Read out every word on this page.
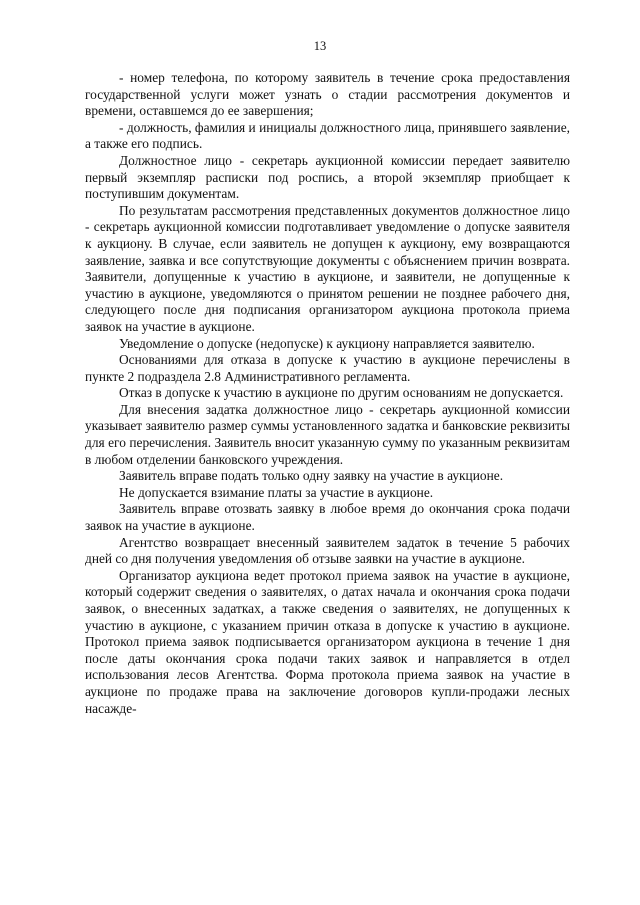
13

- номер телефона, по которому заявитель в течение срока предоставления государственной услуги может узнать о стадии рассмотрения документов и времени, оставшемся до ее завершения;

- должность, фамилия и инициалы должностного лица, принявшего заявление, а также его подпись.

Должностное лицо - секретарь аукционной комиссии передает заявителю первый экземпляр расписки под роспись, а второй экземпляр приобщает к поступившим документам.

По результатам рассмотрения представленных документов должностное лицо - секретарь аукционной комиссии подготавливает уведомление о допуске заявителя к аукциону. В случае, если заявитель не допущен к аукциону, ему возвращаются заявление, заявка и все сопутствующие документы с объяснением причин возврата. Заявители, допущенные к участию в аукционе, и заявители, не допущенные к участию в аукционе, уведомляются о принятом решении не позднее рабочего дня, следующего после дня подписания организатором аукциона протокола приема заявок на участие в аукционе.

Уведомление о допуске (недопуске) к аукциону направляется заявителю.

Основаниями для отказа в допуске к участию в аукционе перечислены в пункте 2 подраздела 2.8 Административного регламента.

Отказ в допуске к участию в аукционе по другим основаниям не допускается.

Для внесения задатка должностное лицо - секретарь аукционной комиссии указывает заявителю размер суммы установленного задатка и банковские реквизиты для его перечисления. Заявитель вносит указанную сумму по указанным реквизитам в любом отделении банковского учреждения.

Заявитель вправе подать только одну заявку на участие в аукционе.

Не допускается взимание платы за участие в аукционе.

Заявитель вправе отозвать заявку в любое время до окончания срока подачи заявок на участие в аукционе.

Агентство возвращает внесенный заявителем задаток в течение 5 рабочих дней со дня получения уведомления об отзыве заявки на участие в аукционе.

Организатор аукциона ведет протокол приема заявок на участие в аукционе, который содержит сведения о заявителях, о датах начала и окончания срока подачи заявок, о внесенных задатках, а также сведения о заявителях, не допущенных к участию в аукционе, с указанием причин отказа в допуске к участию в аукционе. Протокол приема заявок подписывается организатором аукциона в течение 1 дня после даты окончания срока подачи таких заявок и направляется в отдел использования лесов Агентства. Форма протокола приема заявок на участие в аукционе по продаже права на заключение договоров купли-продажи лесных насажде-
